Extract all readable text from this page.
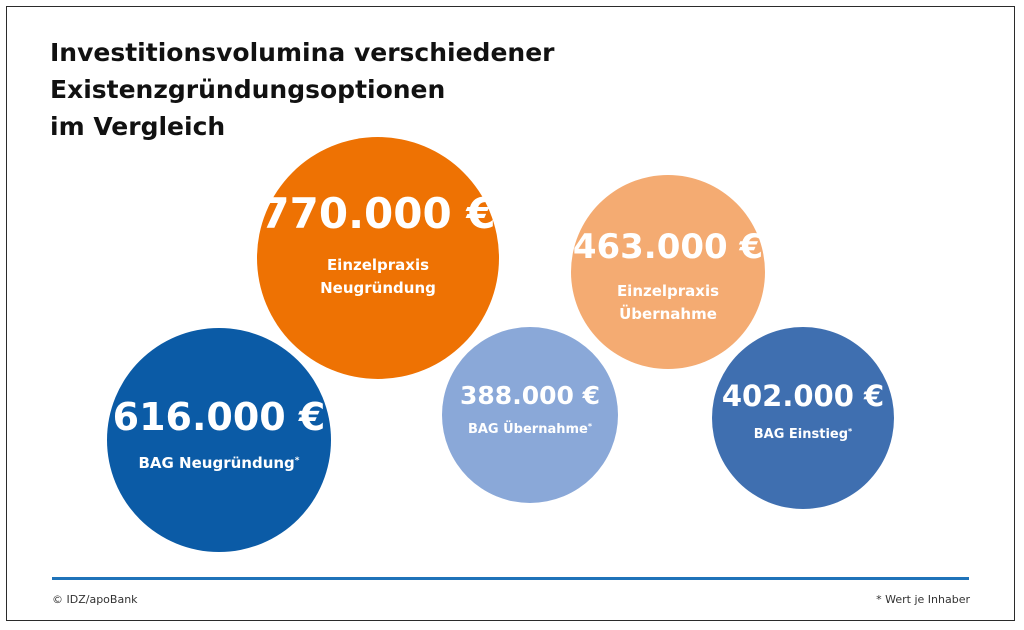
Investitionsvolumina verschiedener Existenzgründungsoptionen
im Vergleich
770.000 €
Einzelpraxis
Neugründung
616.000 €
BAG Neugründung*
463.000 €
Einzelpraxis
Übernahme
388.000 €
BAG Übernahme*
402.000 €
BAG Einstieg*
© IDZ/apoBank	* Wert je Inhaber
